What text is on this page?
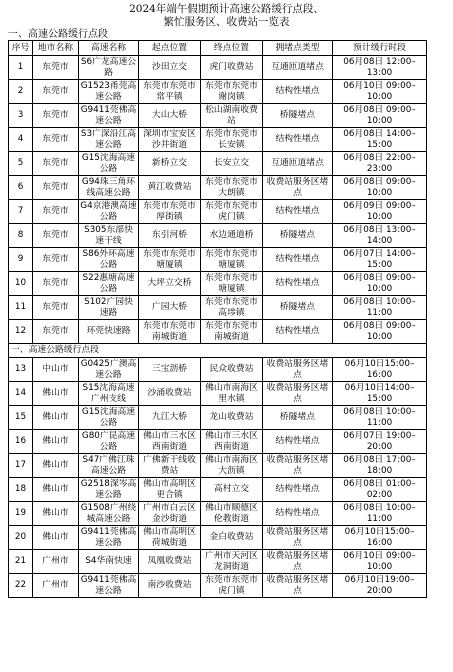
2024年端午假期预计高速公路缓行点段、
繁忙服务区、收费站一览表
一、高速公路缓行点段
序号	地市名称	高速名称	起点位置	终点位置	拥堵点类型	预计缓行时段
1	东莞市	S6广龙高速公路	沙田立交	虎门收费站	互通匝道堵点	06月08日 12:00–13:00
2	东莞市	G1523甬莞高速公路	东莞市东莞市常平镇	东莞市东莞市谢岗镇	结构性堵点	06月10日 09:00–10:00
3	东莞市	G9411莞佛高速公路	大山大桥	松山湖南收费站	桥隧堵点	06月08日 09:00–10:00
4	东莞市	S3广深沿江高速公路	深圳市宝安区沙井街道	东莞市东莞市长安镇	结构性堵点	06月08日 14:00–15:00
5	东莞市	G15沈海高速公路	新桥立交	长安立交	互通匝道堵点	06月08日 22:00–23:00
6	东莞市	G94珠三角环线高速公路	黄江收费站	东莞市东莞市大朗镇	收费站服务区堵点	06月08日 09:00–10:00
7	东莞市	G4京港澳高速公路	东莞市东莞市厚街镇	东莞市东莞市虎门镇	结构性堵点	06月09日 09:00–10:00
8	东莞市	S305东部快速干线	东引河桥	水边通道桥	桥隧堵点	06月08日 13:00–14:00
9	东莞市	S86外环高速公路	东莞市东莞市塘厦镇	东莞市东莞市塘厦镇	结构性堵点	06月07日 14:00–15:00
10	东莞市	S22惠塘高速公路	大坪立交桥	东莞市东莞市塘厦镇	结构性堵点	06月08日 09:00–10:00
11	东莞市	S102广园快速路	广园大桥	东莞市东莞市高埗镇	桥隧堵点	06月08日 10:00–11:00
12	东莞市	环莞快速路	东莞市东莞市南城街道	东莞市东莞市南城街道	结构性堵点	06月08日 09:00–10:00
一、高速公路缓行点段						
13	中山市	G0425广澳高速公路	三宝沥桥	民众收费站	收费站服务区堵点	06月10日15:00–16:00
14	佛山市	S15沈海高速广州支线	沙涌收费站	佛山市南海区里水镇	收费站服务区堵点	06月10日14:00–15:00
15	佛山市	G15沈海高速公路	九江大桥	龙山收费站	桥隧堵点	06月08日 10:00–11:00
16	佛山市	G80广昆高速公路	佛山市三水区西南街道	佛山市三水区西南街道	结构性堵点	06月07日 19:00–20:00
17	佛山市	S47广佛江珠高速公路	广佛新干线收费站	佛山市南海区大沥镇	收费站服务区堵点	06月08日 17:00–18:00
18	佛山市	G2518深岑高速公路	佛山市高明区更合镇	高村立交	结构性堵点	06月08日 01:00–02:00
19	佛山市	G1508广州绕城高速公路	广州市白云区金沙街道	佛山市顺德区伦教街道	结构性堵点	06月08日 10:00–11:00
20	佛山市	G9411莞佛高速公路	佛山市高明区荷城街道	金白收费站	收费站服务区堵点	06月10日15:00–16:00
21	广州市	S4华南快速	凤凰收费站	广州市天河区龙洞街道	收费站服务区堵点	06月10日 09:00–10:00
22	广州市	G9411莞佛高速公路	南沙收费站	东莞市东莞市虎门镇	收费站服务区堵点	06月10日19:00–20:00
